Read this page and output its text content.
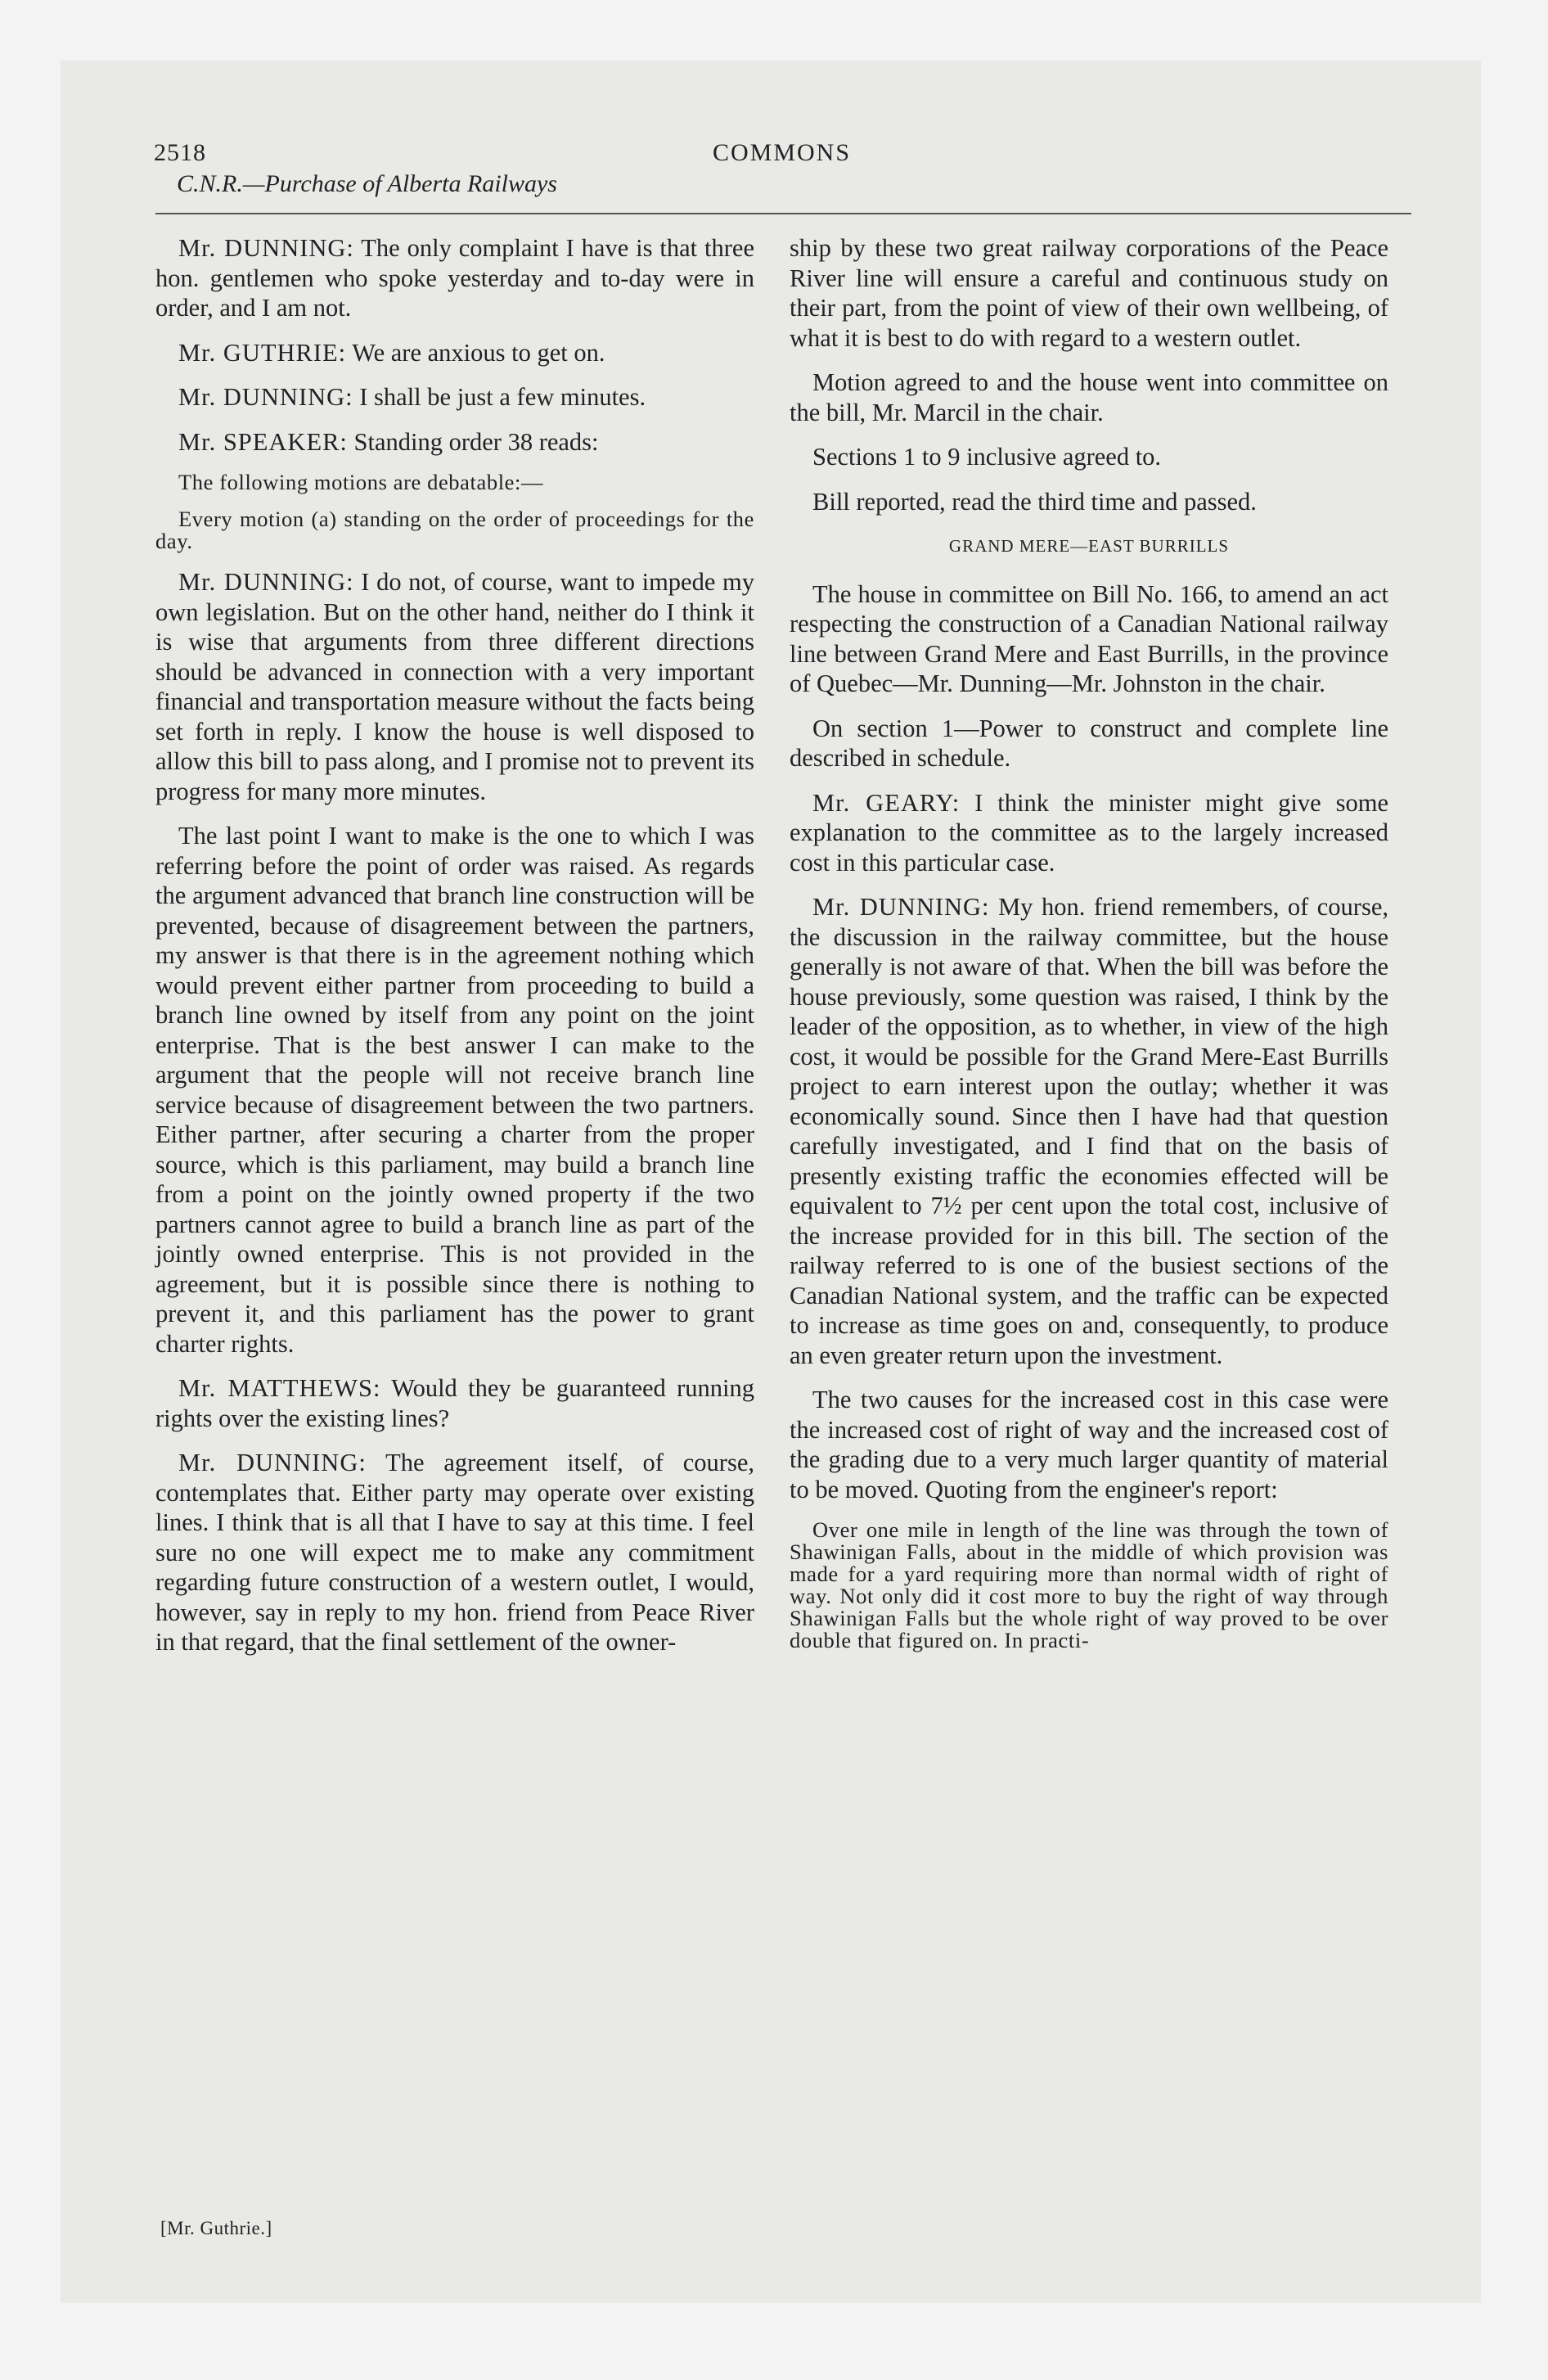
2518	COMMONS
C.N.R.—Purchase of Alberta Railways

Mr. DUNNING: The only complaint I have is that three hon. gentlemen who spoke yesterday and to-day were in order, and I am not.

Mr. GUTHRIE: We are anxious to get on.

Mr. DUNNING: I shall be just a few minutes.

Mr. SPEAKER: Standing order 38 reads:

The following motions are debatable:—

Every motion (a) standing on the order of proceedings for the day.

Mr. DUNNING: I do not, of course, want to impede my own legislation. But on the other hand, neither do I think it is wise that arguments from three different directions should be advanced in connection with a very important financial and transportation measure without the facts being set forth in reply. I know the house is well disposed to allow this bill to pass along, and I promise not to prevent its progress for many more minutes.

The last point I want to make is the one to which I was referring before the point of order was raised. As regards the argument advanced that branch line construction will be prevented, because of disagreement between the partners, my answer is that there is in the agreement nothing which would prevent either partner from proceeding to build a branch line owned by itself from any point on the joint enterprise. That is the best answer I can make to the argument that the people will not receive branch line service because of disagreement between the two partners. Either partner, after securing a charter from the proper source, which is this parliament, may build a branch line from a point on the jointly owned property if the two partners cannot agree to build a branch line as part of the jointly owned enterprise. This is not provided in the agreement, but it is possible since there is nothing to prevent it, and this parliament has the power to grant charter rights.

Mr. MATTHEWS: Would they be guaranteed running rights over the existing lines?

Mr. DUNNING: The agreement itself, of course, contemplates that. Either party may operate over existing lines. I think that is all that I have to say at this time. I feel sure no one will expect me to make any commitment regarding future construction of a western outlet, I would, however, say in reply to my hon. friend from Peace River in that regard, that the final settlement of the owner-

ship by these two great railway corporations of the Peace River line will ensure a careful and continuous study on their part, from the point of view of their own wellbeing, of what it is best to do with regard to a western outlet.

Motion agreed to and the house went into committee on the bill, Mr. Marcil in the chair.

Sections 1 to 9 inclusive agreed to.

Bill reported, read the third time and passed.

GRAND MERE—EAST BURRILLS

The house in committee on Bill No. 166, to amend an act respecting the construction of a Canadian National railway line between Grand Mere and East Burrills, in the province of Quebec—Mr. Dunning—Mr. Johnston in the chair.

On section 1—Power to construct and complete line described in schedule.

Mr. GEARY: I think the minister might give some explanation to the committee as to the largely increased cost in this particular case.

Mr. DUNNING: My hon. friend remembers, of course, the discussion in the railway committee, but the house generally is not aware of that. When the bill was before the house previously, some question was raised, I think by the leader of the opposition, as to whether, in view of the high cost, it would be possible for the Grand Mere-East Burrills project to earn interest upon the outlay; whether it was economically sound. Since then I have had that question carefully investigated, and I find that on the basis of presently existing traffic the economies effected will be equivalent to 7½ per cent upon the total cost, inclusive of the increase provided for in this bill. The section of the railway referred to is one of the busiest sections of the Canadian National system, and the traffic can be expected to increase as time goes on and, consequently, to produce an even greater return upon the investment.

The two causes for the increased cost in this case were the increased cost of right of way and the increased cost of the grading due to a very much larger quantity of material to be moved. Quoting from the engineer's report:

Over one mile in length of the line was through the town of Shawinigan Falls, about in the middle of which provision was made for a yard requiring more than normal width of right of way. Not only did it cost more to buy the right of way through Shawinigan Falls but the whole right of way proved to be over double that figured on. In practi-

[Mr. Guthrie.]
